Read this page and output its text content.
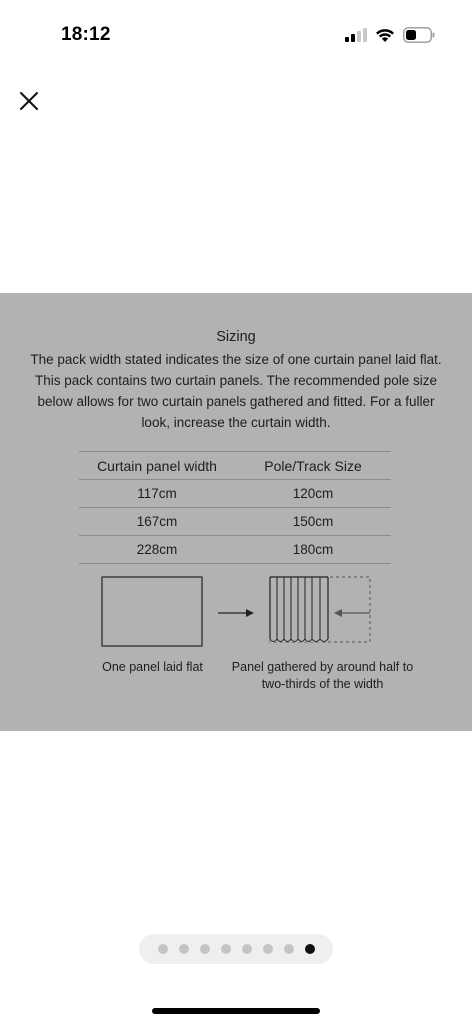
18:12
Sizing
The pack width stated indicates the size of one curtain panel laid flat. This pack contains two curtain panels. The recommended pole size below allows for two curtain panels gathered and fitted. For a fuller look, increase the curtain width.
Curtain panel width	Pole/Track Size
117cm	120cm
167cm	150cm
228cm	180cm
One panel laid flat	Panel gathered by around half to two-thirds of the width
